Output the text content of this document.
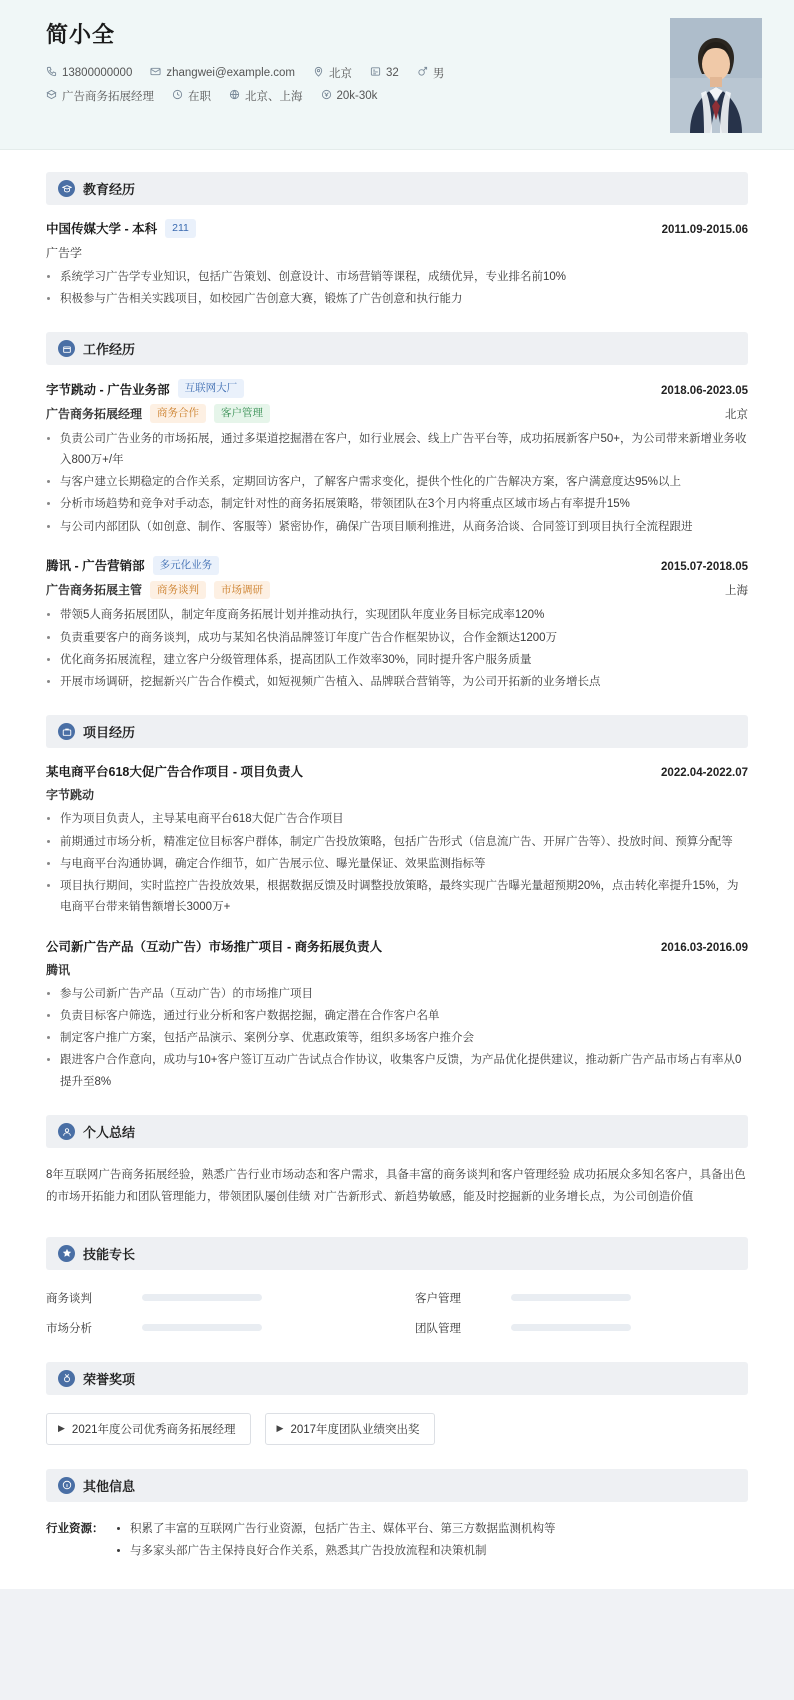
简小全
13800000000	zhangwei@example.com	北京	32	男
广告商务拓展经理	在职	北京、上海	20k-30k
教育经历
中国传媒大学 - 本科	211	2011.09-2015.06
广告学
• 系统学习广告学专业知识，包括广告策划、创意设计、市场营销等课程，成绩优异，专业排名前10%
• 积极参与广告相关实践项目，如校园广告创意大赛，锻炼了广告创意和执行能力
工作经历
字节跳动 - 广告业务部	互联网大厂	2018.06-2023.05
广告商务拓展经理	商务合作	客户管理	北京
• 负责公司广告业务的市场拓展，通过多渠道挖掘潜在客户，如行业展会、线上广告平台等，成功拓展新客户50+，为公司带来新增业务收入800万+/年
• 与客户建立长期稳定的合作关系，定期回访客户，了解客户需求变化，提供个性化的广告解决方案，客户满意度达95%以上
• 分析市场趋势和竞争对手动态，制定针对性的商务拓展策略，带领团队在3个月内将重点区域市场占有率提升15%
• 与公司内部团队（如创意、制作、客服等）紧密协作，确保广告项目顺利推进，从商务洽谈、合同签订到项目执行全流程跟进
腾讯 - 广告营销部	多元化业务	2015.07-2018.05
广告商务拓展主管	商务谈判	市场调研	上海
• 带领5人商务拓展团队，制定年度商务拓展计划并推动执行，实现团队年度业务目标完成率120%
• 负责重要客户的商务谈判，成功与某知名快消品牌签订年度广告合作框架协议，合作金额达1200万
• 优化商务拓展流程，建立客户分级管理体系，提高团队工作效率30%，同时提升客户服务质量
• 开展市场调研，挖掘新兴广告合作模式，如短视频广告植入、品牌联合营销等，为公司开拓新的业务增长点
项目经历
某电商平台618大促广告合作项目 - 项目负责人	2022.04-2022.07
字节跳动
• 作为项目负责人，主导某电商平台618大促广告合作项目
• 前期通过市场分析，精准定位目标客户群体，制定广告投放策略，包括广告形式（信息流广告、开屏广告等）、投放时间、预算分配等
• 与电商平台沟通协调，确定合作细节，如广告展示位、曝光量保证、效果监测指标等
• 项目执行期间，实时监控广告投放效果，根据数据反馈及时调整投放策略，最终实现广告曝光量超预期20%，点击转化率提升15%，为电商平台带来销售额增长3000万+
公司新广告产品（互动广告）市场推广项目 - 商务拓展负责人	2016.03-2016.09
腾讯
• 参与公司新广告产品（互动广告）的市场推广项目
• 负责目标客户筛选，通过行业分析和客户数据挖掘，确定潜在合作客户名单
• 制定客户推广方案，包括产品演示、案例分享、优惠政策等，组织多场客户推介会
• 跟进客户合作意向，成功与10+客户签订互动广告试点合作协议，收集客户反馈，为产品优化提供建议，推动新广告产品市场占有率从0提升至8%
个人总结
8年互联网广告商务拓展经验，熟悉广告行业市场动态和客户需求，具备丰富的商务谈判和客户管理经验 成功拓展众多知名客户，具备出色的市场开拓能力和团队管理能力，带领团队屡创佳绩 对广告新形式、新趋势敏感，能及时挖掘新的业务增长点，为公司创造价值
技能专长
商务谈判	客户管理
市场分析	团队管理
荣誉奖项
▶ 2021年度公司优秀商务拓展经理	▶ 2017年度团队业绩突出奖
其他信息
行业资源：	• 积累了丰富的互联网广告行业资源，包括广告主、媒体平台、第三方数据监测机构等
• 与多家头部广告主保持良好合作关系，熟悉其广告投放流程和决策机制
